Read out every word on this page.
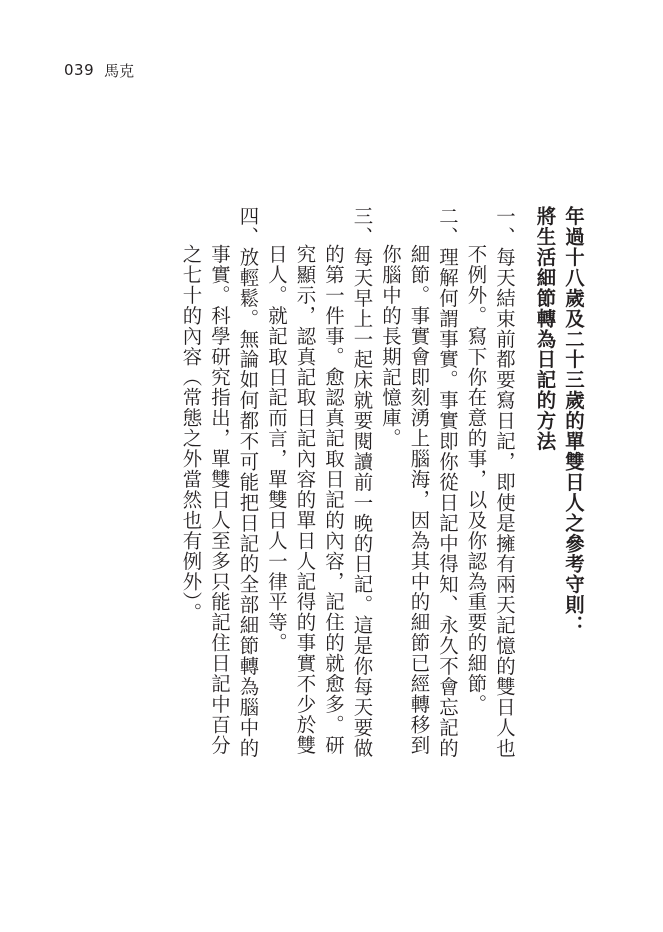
039 馬克
年過十八歲及二十三歲的單雙日人之參考守則：
將生活細節轉為日記的方法
一、每天結束前都要寫日記，即使是擁有兩天記憶的雙日人也不例外。寫下你在意的事，以及你認為重要的細節。
二、理解何謂事實。事實即你從日記中得知、永久不會忘記的細節。事實會即刻湧上腦海，因為其中的細節已經轉移到你腦中的長期記憶庫。
三、每天早上一起床就要閱讀前一晚的日記。這是你每天要做的第一件事。愈認真記取日記的內容，記住的就愈多。研究顯示，認真記取日記內容的單日人記得的事實不少於雙日人。就記取日記而言，單雙日人一律平等。
四、放輕鬆。無論如何都不可能把日記的全部細節轉為腦中的事實。科學研究指出，單雙日人至多只能記住日記中百分之七十的內容（常態之外當然也有例外）。
